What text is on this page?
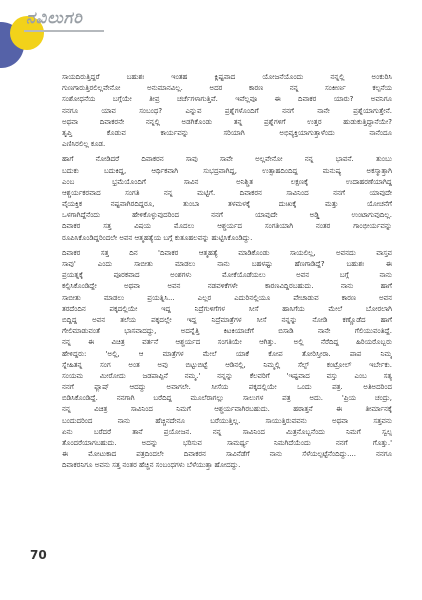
ನವಿಲುಗರಿ
ಸಾಯದಿರುತ್ತಿದ್ದರೆ ಬಹುಶಃ ಇಂತಹ ಕ್ಲಿಷ್ಟವಾದ ಯೋಜನೆಯೊಂದು ನನ್ನಲ್ಲಿ ಅಂಕುರಿಸಿ
ಗುಣಗಾರುತ್ತಿರಲಿಲ್ಲವೇನೋ ಅನುಮಾನವಿಲ್ಲ. ಅದರ ಕಾರಣ ನನ್ನ ಸಂಕೀರ್ಣ ಕಲ್ಪನೆಯ
ಸಂಶೋಧನೆಯ ಬಗ್ಗೆಯೇ ತೀವ್ರ ಚರ್ಚೆಗಳಾಗುತ್ತಿವೆ. ಇವೆಲ್ಲವೂ ಈ ದಿವಾಕರ ಯಾರು? ಅವನಿಗೂ
ನನಗೂ ಯಾವ ಸಂಬಂಧ? ಎನ್ನುವ ಪ್ರಶ್ನೆಗಳೊಂದಿಗೆ ನನಗೆ ನಾನೇ ಪ್ರಶ್ನೆಯಾಗುತ್ತೇನೆ.
ಅಥವಾ ದಿವಾಕರನೇ ನನ್ನಲ್ಲಿ ಅಡಗಿಕೊಂಡು ತನ್ನ ಪ್ರಶ್ನೆಗಳಿಗೆ ಉತ್ತರ ಹುಡುಕುತ್ತಿದ್ದಾನೆಯೇ?
ತೃಪ್ತಿ ಕೊಡುವ ಕಾರ್ಯವನ್ನು ಸರಿಯಾಗಿ ಅಭಿವ್ಯಕ್ತಿಯಾಗುತ್ತಾಳೆಂದು ನಾನೆಂದೂ
ಎಣಿಸಿರಲಿಲ್ಲ ಕೂಡ.
ಹಾಗೆ ನೋಡಿದರೆ ದಿವಾಕರನ ಸಾವು ಸಾವೇ ಅಲ್ಲವೇನೋ ನನ್ನ ಭಾವನೆ. ತುಂಬು
ಬದುಕು ಬದುಕಿದ್ದ, ಆರ್ಥಿಕವಾಗಿ ಸುಭದ್ರವಾಗಿದ್ದ, ಉತ್ಸಾಹದಿಂದಿದ್ದ ಮನುಷ್ಯ ಅಕಸ್ಮಾತ್ತಾಗಿ
ಎಂಬ ಭ್ರಮೆಯೊಂದಿಗೆ ಸಾವಿನ ಅನಿಶ್ಚಿತ ಲಕ್ಷಣಕ್ಕೆ ಉದಾಹರಣೆಯಾಗಿದ್ದ
ಆಶ್ಚರ್ಯಕರವಾದ ಸಂಗತಿ ನನ್ನ ಮಟ್ಟಿಗೆ. ದಿವಾಕರನ ಸಾವಿನಿಂದ ನನಗೆ ಯಾವುದೇ
ವೈಯಕ್ತಿಕ ನಷ್ಟವಾಗಿರದಿದ್ದರೂ, ತುಂಬಾ ತಳಮಳಕ್ಕೆ ದುಃಖಕ್ಕೆ ಮತ್ತು ಯೋಚನೆಗೆ
ಒಳಗಾಗಿದ್ದೆನೆಂದು ಹೇಳಿಕೊಳ್ಳುವುದರಿಂದ ನನಗೆ ಯಾವುದೇ ಅಡ್ಡಿ ಉಂಟಾಗುವುದಿಲ್ಲ.
ದಿವಾಕರ ಸತ್ತ ವಿಷಯ ಮೊದಲು ಆಶ್ಚರ್ಯದ ಸಂಗತಿಯಾಗಿ ನಂತರ ಗಾಂಭೀರ್ಯವನ್ನು
ರೂಪಿಸಿಕೊಂಡಿದ್ದರಿಂದಲೇ ಅವನ ಆತ್ಮಹತ್ಯೆಯ ಬಗ್ಗೆ ಕುತೂಹಲವನ್ನು ಹುಟ್ಟಿಸಿಕೊಂಡಿದ್ದು.
ದಿವಾಕರ ಸತ್ತ ದಿನ 'ದಿವಾಕರ ಆತ್ಮಹತ್ಯೆ ಮಾಡಿಕೊಂಡು ಸಾಯಲಿಲ್ಲ, ಅವನದು ವಾಸ್ತವ
ಸಾವು' ಎಂದು ಸಾಬೀತು ಮಾಡಲು ನಾನು ಬಹಳಷ್ಟು ಹೆಣಗಾಡಿದ್ದೆ? ಬಹುಶಃ ಈ
ಪ್ರಯತ್ನಕ್ಕೆ ಪೂರಕವಾದ ಅಂಶಗಳು ಮೋಕೆಯೊಡೆಯಲು ಅವನ ಬಗ್ಗೆ ನಾನು
ಕಲ್ಪಿಸಿಕೊಂಡಿದ್ದೇ ಅಥವಾ ಅವನ ನಡವಳಿಕೆಗಳೇ ಕಾರಣವಿದ್ದಿರಬಹುದು. ನಾನು ಹಾಗೆ
ಸಾಬೀತು ಮಾಡಲು ಪ್ರಯತ್ನಿಸಿ... ಎಲ್ಲರ ಎದುರಿನಲ್ಲಿಯೂ ಪೇಚಾಡುವ ಕಾರಣ ಅವನ
ತರದೆಂದಿನ ಪಕ್ಕದಲ್ಲಿಯೇ ಇದ್ದ ನಿದ್ರೆಗುಳಿಗೆಗಳ ಸೀಸೆ ಹಾಸಿಗೆಯ ಮೇಲೆ ಬೋರಲಾಗಿ
ಬಿದ್ದಿದ್ದ ಅವನ ತಲೆಯ ಪಕ್ಕದಲ್ಲೇ ಇದ್ದ ನಿದ್ರೆಮಾತ್ರೆಗಳ ಸೀಸೆ ನನ್ನನ್ನು ನೋಡಿ ಕಣ್ಣೊಡೆದ ಹಾಗೆ
ಗೇಲಿಮಾಡುವಂತೆ ಭಾಸವಾದದ್ದು, ಅದನ್ನೆತ್ತಿ ಕಿಟಕಿಯಾಚೆಗೆ ಬಿಸಾಡಿ ನಾನೇ ಗೆಲಿಯುವಂತಿದ್ದೆ.
ನನ್ನ ಈ ವಿಚಿತ್ರ ವರ್ತನೆ ಆಶ್ಚರ್ಯದ ಸಂಗತಿಯೇ ಆಗಿತ್ತು. ಅಲ್ಲಿ ನೆರೆದಿದ್ದ ಹಿರಿಯರೊಬ್ಬರು
ಹೇಳಿದ್ದರು: 'ಅಲ್ಲಿ, ಆ ಮಾತ್ರೆಗಳ ಮೇಲೆ ಯಾಕೆ ಕೋಪ ತೋರಿಸ್ತೀರಾ. ಪಾಪ ನಿಮ್ಮ
ಸ್ನೇಹಿತನ್ನ ಸಂಗ ಅಂತ ಅವು ಬಿಟ್ಟುಬಿಟ್ಟೆ ಆಡಿನಲ್ಲಿ, ನಿಮ್ಮಲ್ಲಿ ಸೆಲ್ಫ್ ಕಂಟ್ರೋಲ್ ಇರ್ಬೇಕು.
ಸಂಯಮ ಮೀರೋದು ಜಡಪಾಪ್ಪಿನೆ ನಮ್ಮ.' ನನ್ನನ್ನು ಕೆಲವರಿಗೆ 'ಇಷ್ಟವಾದ ವಸ್ತು ಎಂಬ ಸತ್ಯ
ನನಗೆ ಫ್ಲಾಷ್ ಆದದ್ದು ಅವಾಗಲೇ. ಸೀಸೆಯ ಪಕ್ಕದಲ್ಲಿಯೇ ಒಂದು ಪತ್ರ. ಅತಿಅದರಿಂದ
ಬಿಡಿಸಿಕೊಂಡಿದ್ದೆ. ನನಗಾಗಿ ಬರೆದಿದ್ದ ಮೂಲೆರಾಗಲ್ಲು ಸಾಲುಗಳ ಪತ್ರ ಅದು. 'ಪ್ರಿಯ ಚಂದ್ರು,
ನನ್ನ ವಿಚಿತ್ರ ಸಾವಿನಿಂದ ನಿಮಗೆ ಆಶ್ಚರ್ಯವಾಗಿರಬಹುದು. ಹಠಾತ್ತನೆ ಈ ತೀರ್ಮಾನಕ್ಕೆ
ಬಂದುದರಿಂದ ನಾನು ಹೆಚ್ಚಿನದೇನೂ ಬರೆಯುತ್ತಿಲ್ಲ. ಸಾಯುತ್ತಿರುವವನು ಅಥವಾ ಸತ್ತವನು
ಏನು ಬರೆದರೆ ತಾನೆ ಪ್ರಯೋಜನ. ನನ್ನ ಸಾವಿನಿಂದ ಮಿತ್ರನೊಬ್ಬನೆಂದು ನಿಮಗೆ ಸ್ವಲ್ಪ
ತೊಂದರೆಯಾಗಬಹುದು. ಅದನ್ನು ಭರಿಸುವ ಸಾಮರ್ಥ್ಯ ನಿಮಗಿದೆಯೆಂದು ನನಗೆ ಗೊತ್ತು.'
ಈ ಮೋಟುಕಾದ ಪತ್ರದಿಂದಲೇ ದಿವಾಕರನ ಸಾವಿನೆಡೆಗೆ ನಾನು ಸೆಳೆಯಲ್ಪಟ್ಟೆನೆಂದಿದ್ದು.... ನನಗೂ
ದಿವಾಕರನಿಗೂ ಅವನು ಸತ್ತ ನಂತರ ಹೆಚ್ಚಿನ ಸಂಬಂಧಗಳು ಬೆಳೆಯುತ್ತಾ ಹೋದದ್ದು.
70
